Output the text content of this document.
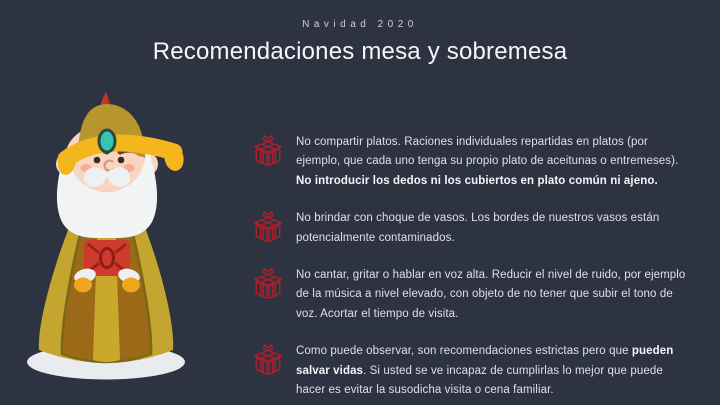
Navidad 2020
Recomendaciones mesa y sobremesa

No compartir platos. Raciones individuales repartidas en platos (por ejemplo, que cada uno tenga su propio plato de aceitunas o entremeses). No introducir los dedos ni los cubiertos en plato común ni ajeno.

No brindar con choque de vasos. Los bordes de nuestros vasos están potencialmente contaminados.

No cantar, gritar o hablar en voz alta. Reducir el nivel de ruido, por ejemplo de la música a nivel elevado, con objeto de no tener que subir el tono de voz. Acortar el tiempo de visita.

Como puede observar, son recomendaciones estrictas pero que pueden salvar vidas. Si usted se ve incapaz de cumplirlas lo mejor que puede hacer es evitar la susodicha visita o cena familiar.
